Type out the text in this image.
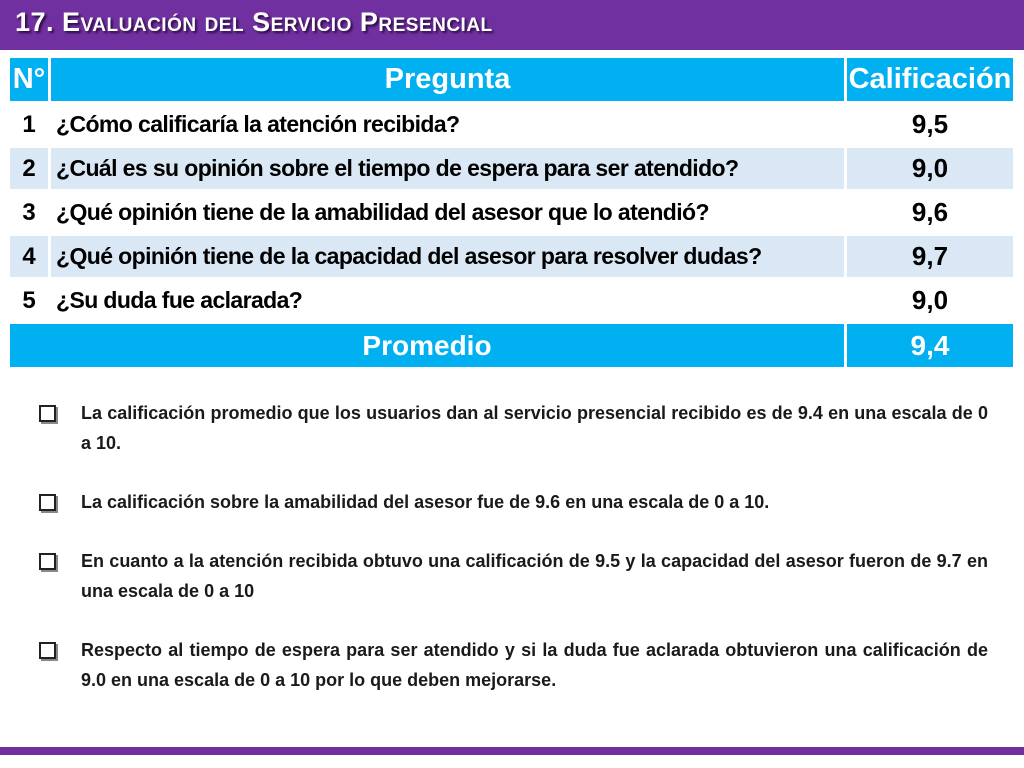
17. Evaluación del Servicio Presencial
N°	Pregunta	Calificación
1	¿Cómo calificaría la atención recibida?	9,5
2	¿Cuál es su opinión sobre el tiempo de espera para ser atendido?	9,0
3	¿Qué opinión tiene de la amabilidad del asesor que lo atendió?	9,6
4	¿Qué opinión tiene de la capacidad del asesor para resolver dudas?	9,7
5	¿Su duda fue aclarada?	9,0
Promedio		9,4
La calificación promedio que los usuarios dan al servicio presencial recibido es de 9.4 en una escala de 0 a 10.
La calificación sobre la amabilidad del asesor fue de 9.6 en una escala de 0 a 10.
En cuanto a la atención recibida obtuvo una calificación de 9.5 y la capacidad del asesor fueron de 9.7 en una escala de 0 a 10
Respecto al tiempo de espera para ser atendido y si la duda fue aclarada obtuvieron una calificación de 9.0 en una escala de 0 a 10 por lo que deben mejorarse.
